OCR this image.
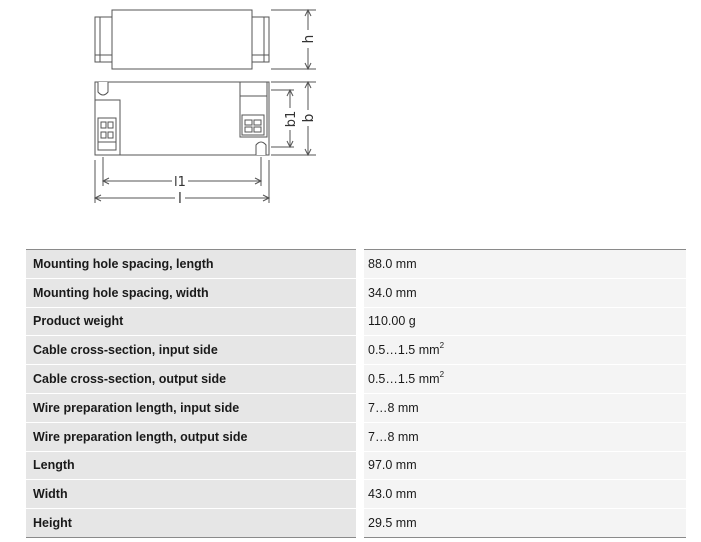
h
b1 b
l1
l
Mounting hole spacing, length	88.0 mm
Mounting hole spacing, width	34.0 mm
Product weight	110.00 g
Cable cross-section, input side	0.5…1.5 $mm^2$
Cable cross-section, output side	0.5…1.5 $mm^2$
Wire preparation length, input side	7…8 mm
Wire preparation length, output side	7…8 mm
Length	97.0 mm
Width	43.0 mm
Height	29.5 mm
